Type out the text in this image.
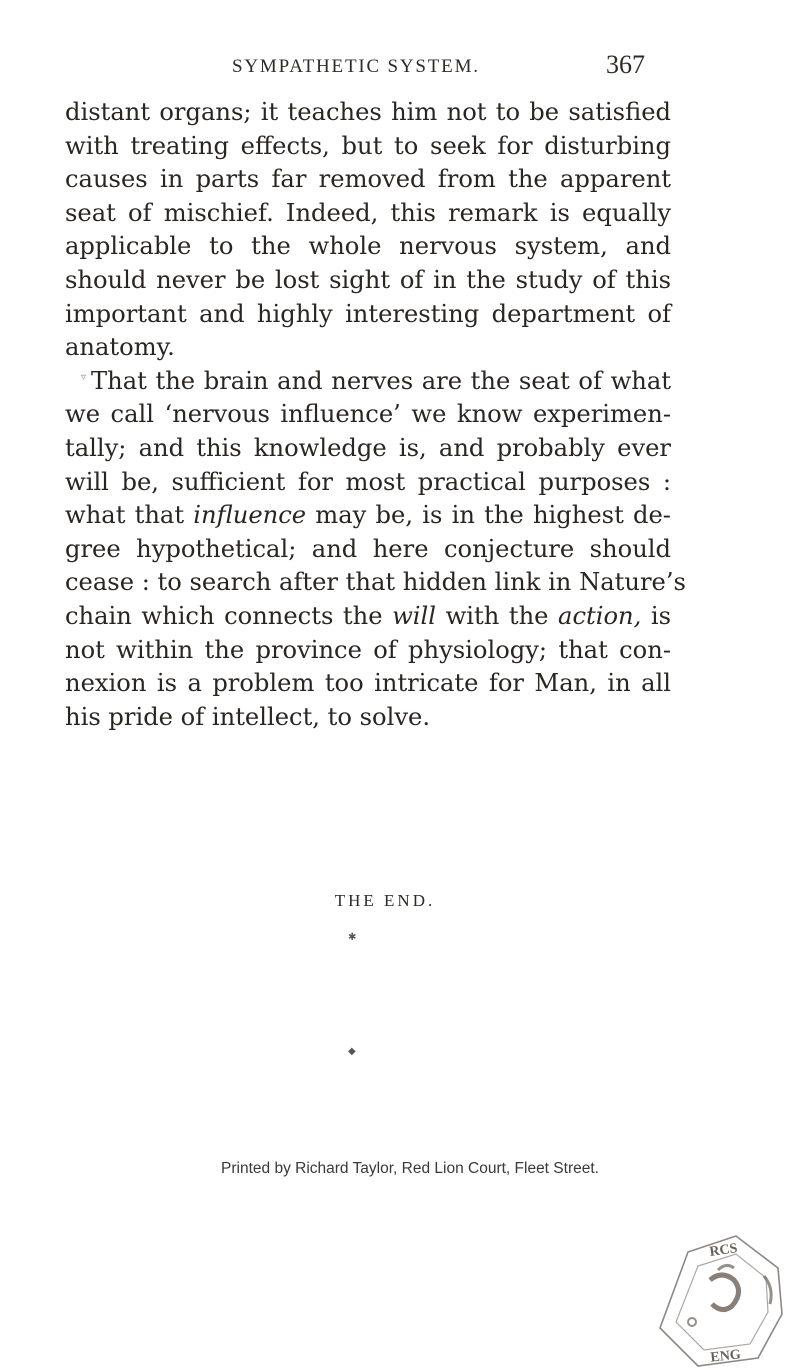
SYMPATHETIC SYSTEM.	367
distant organs; it teaches him not to be satisfied
with treating effects, but to seek for disturbing
causes in parts far removed from the apparent
seat of mischief. Indeed, this remark is equally
applicable to the whole nervous system, and
should never be lost sight of in the study of this
important and highly interesting department of
anatomy.
That the brain and nerves are the seat of what
we call ‘nervous influence’ we know experimen-
tally; and this knowledge is, and probably ever
will be, sufficient for most practical purposes :
what that influence may be, is in the highest de-
gree hypothetical; and here conjecture should
cease : to search after that hidden link in Nature’s
chain which connects the will with the action, is
not within the province of physiology; that con-
nexion is a problem too intricate for Man, in all
his pride of intellect, to solve.
▿
THE END.
✱
◆
Printed by Richard Taylor, Red Lion Court, Fleet Street.
RCS
ENG
